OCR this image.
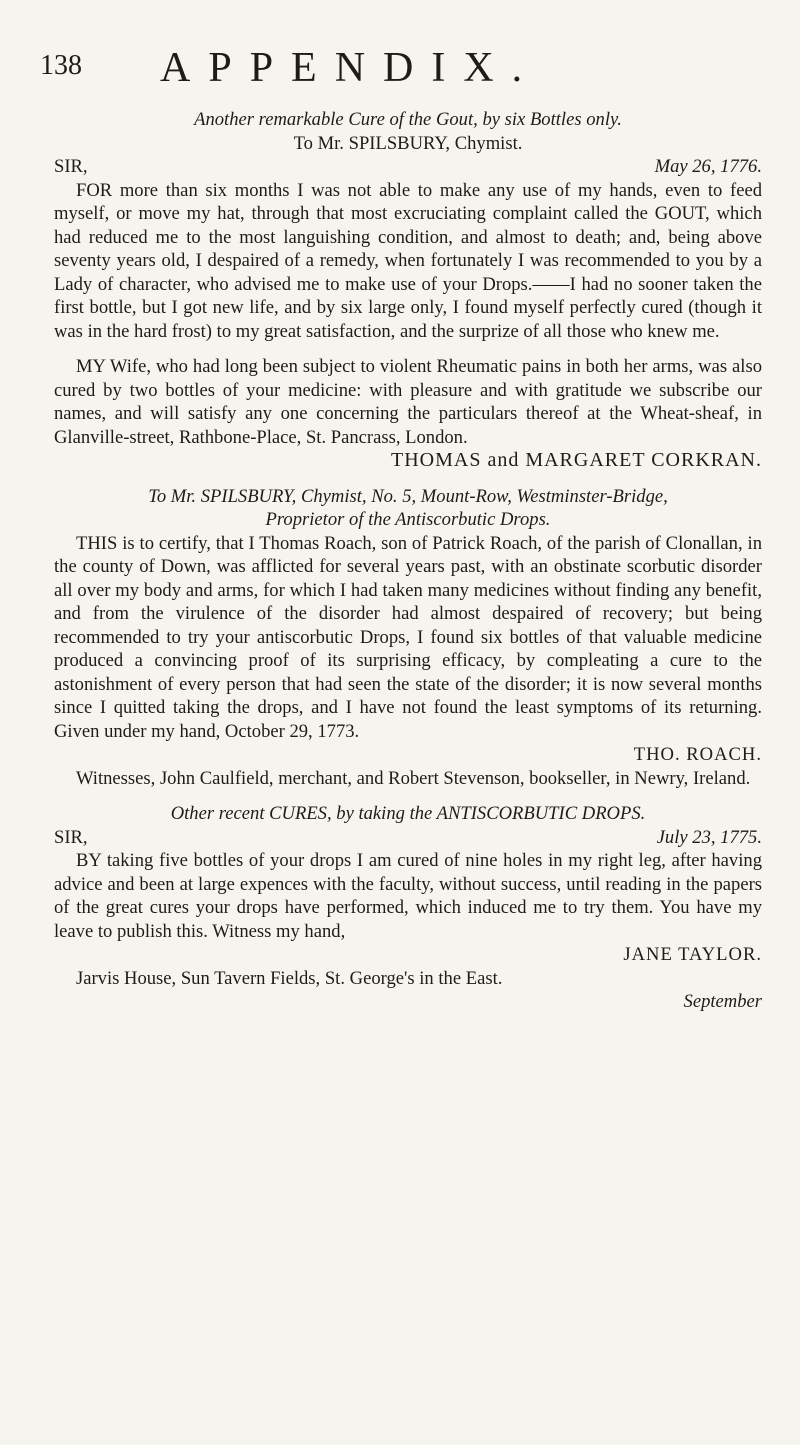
138 APPENDIX.

Another remarkable Cure of the Gout, by six Bottles only.

To Mr. SPILSBURY, Chymist.

SIR,	May 26, 1776.

FOR more than six months I was not able to make any use of my hands, even to feed myself, or move my hat, through that most excruciating complaint called the GOUT, which had reduced me to the most languishing condition, and almost to death; and, being above seventy years old, I despaired of a remedy, when fortunately I was recommended to you by a Lady of character, who advised me to make use of your Drops.——I had no sooner taken the first bottle, but I got new life, and by six large only, I found myself perfectly cured (though it was in the hard frost) to my great satisfaction, and the surprize of all those who knew me.

MY Wife, who had long been subject to violent Rheumatic pains in both her arms, was also cured by two bottles of your medicine: with pleasure and with gratitude we subscribe our names, and will satisfy any one concerning the particulars thereof at the Wheat-sheaf, in Glanville-street, Rathbone-Place, St. Pancrass, London.

THOMAS and MARGARET CORKRAN.

To Mr. SPILSBURY, Chymist, No. 5, Mount-Row, Westminster-Bridge,

Proprietor of the Antiscorbutic Drops.

THIS is to certify, that I Thomas Roach, son of Patrick Roach, of the parish of Clonallan, in the county of Down, was afflicted for several years past, with an obstinate scorbutic disorder all over my body and arms, for which I had taken many medicines without finding any benefit, and from the virulence of the disorder had almost despaired of recovery; but being recommended to try your antiscorbutic Drops, I found six bottles of that valuable medicine produced a convincing proof of its surprising efficacy, by compleating a cure to the astonishment of every person that had seen the state of the disorder; it is now several months since I quitted taking the drops, and I have not found the least symptoms of its returning. Given under my hand, October 29, 1773.

THO. ROACH.

Witnesses, John Caulfield, merchant, and Robert Stevenson, bookseller, in Newry, Ireland.

Other recent CURES, by taking the ANTISCORBUTIC DROPS.

SIR,	July 23, 1775.

BY taking five bottles of your drops I am cured of nine holes in my right leg, after having advice and been at large expences with the faculty, without success, until reading in the papers of the great cures your drops have performed, which induced me to try them. You have my leave to publish this. Witness my hand,

JANE TAYLOR.

Jarvis House, Sun Tavern Fields, St. George's in the East.

September
